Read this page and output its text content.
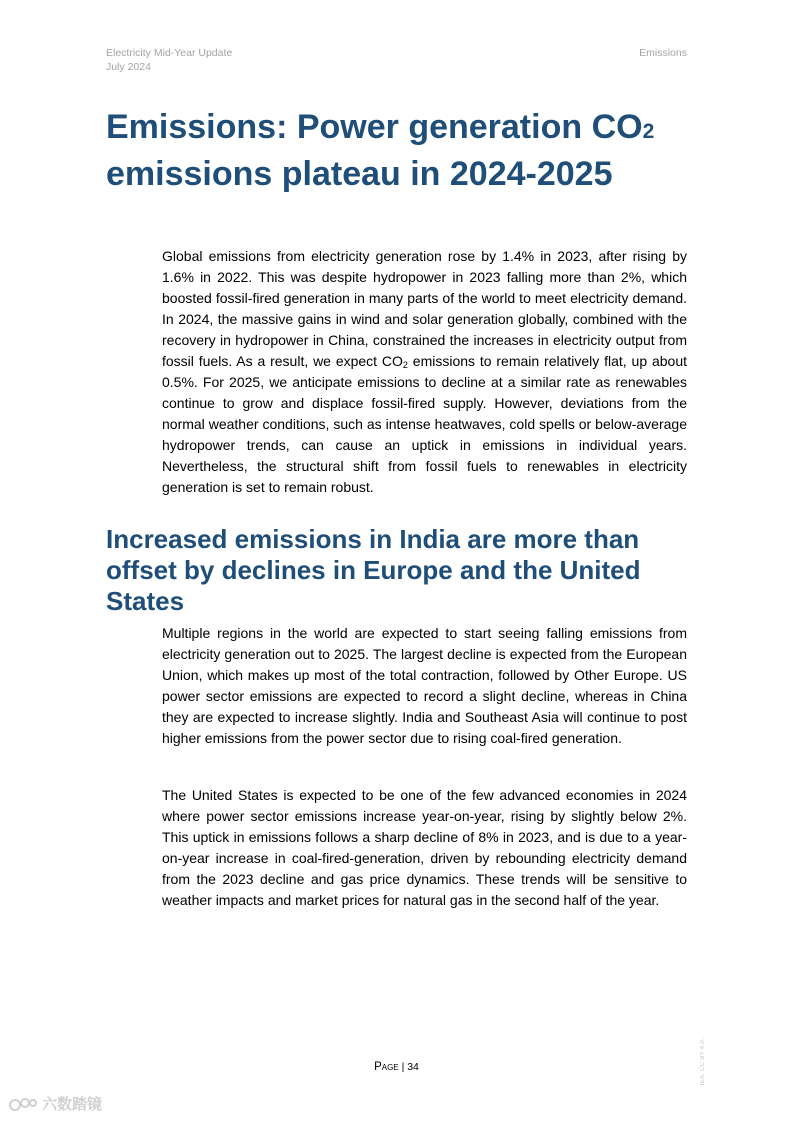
Electricity Mid-Year Update
July 2024
Emissions
Emissions: Power generation CO2
emissions plateau in 2024-2025

Global emissions from electricity generation rose by 1.4% in 2023, after rising by 1.6% in 2022. This was despite hydropower in 2023 falling more than 2%, which boosted fossil-fired generation in many parts of the world to meet electricity demand. In 2024, the massive gains in wind and solar generation globally, combined with the recovery in hydropower in China, constrained the increases in electricity output from fossil fuels. As a result, we expect $CO_2$ emissions to remain relatively flat, up about 0.5%. For 2025, we anticipate emissions to decline at a similar rate as renewables continue to grow and displace fossil-fired supply. However, deviations from the normal weather conditions, such as intense heatwaves, cold spells or below-average hydropower trends, can cause an uptick in emissions in individual years. Nevertheless, the structural shift from fossil fuels to renewables in electricity generation is set to remain robust.

Increased emissions in India are more than offset by declines in Europe and the United States

Multiple regions in the world are expected to start seeing falling emissions from electricity generation out to 2025. The largest decline is expected from the European Union, which makes up most of the total contraction, followed by Other Europe. US power sector emissions are expected to record a slight decline, whereas in China they are expected to increase slightly. India and Southeast Asia will continue to post higher emissions from the power sector due to rising coal-fired generation.

The United States is expected to be one of the few advanced economies in 2024 where power sector emissions increase year-on-year, rising by slightly below 2%. This uptick in emissions follows a sharp decline of 8% in 2023, and is due to a year-on-year increase in coal-fired-generation, driven by rebounding electricity demand from the 2023 decline and gas price dynamics. These trends will be sensitive to weather impacts and market prices for natural gas in the second half of the year.

Page | 34	IEA. CC BY 4.0.
六数踏镜
